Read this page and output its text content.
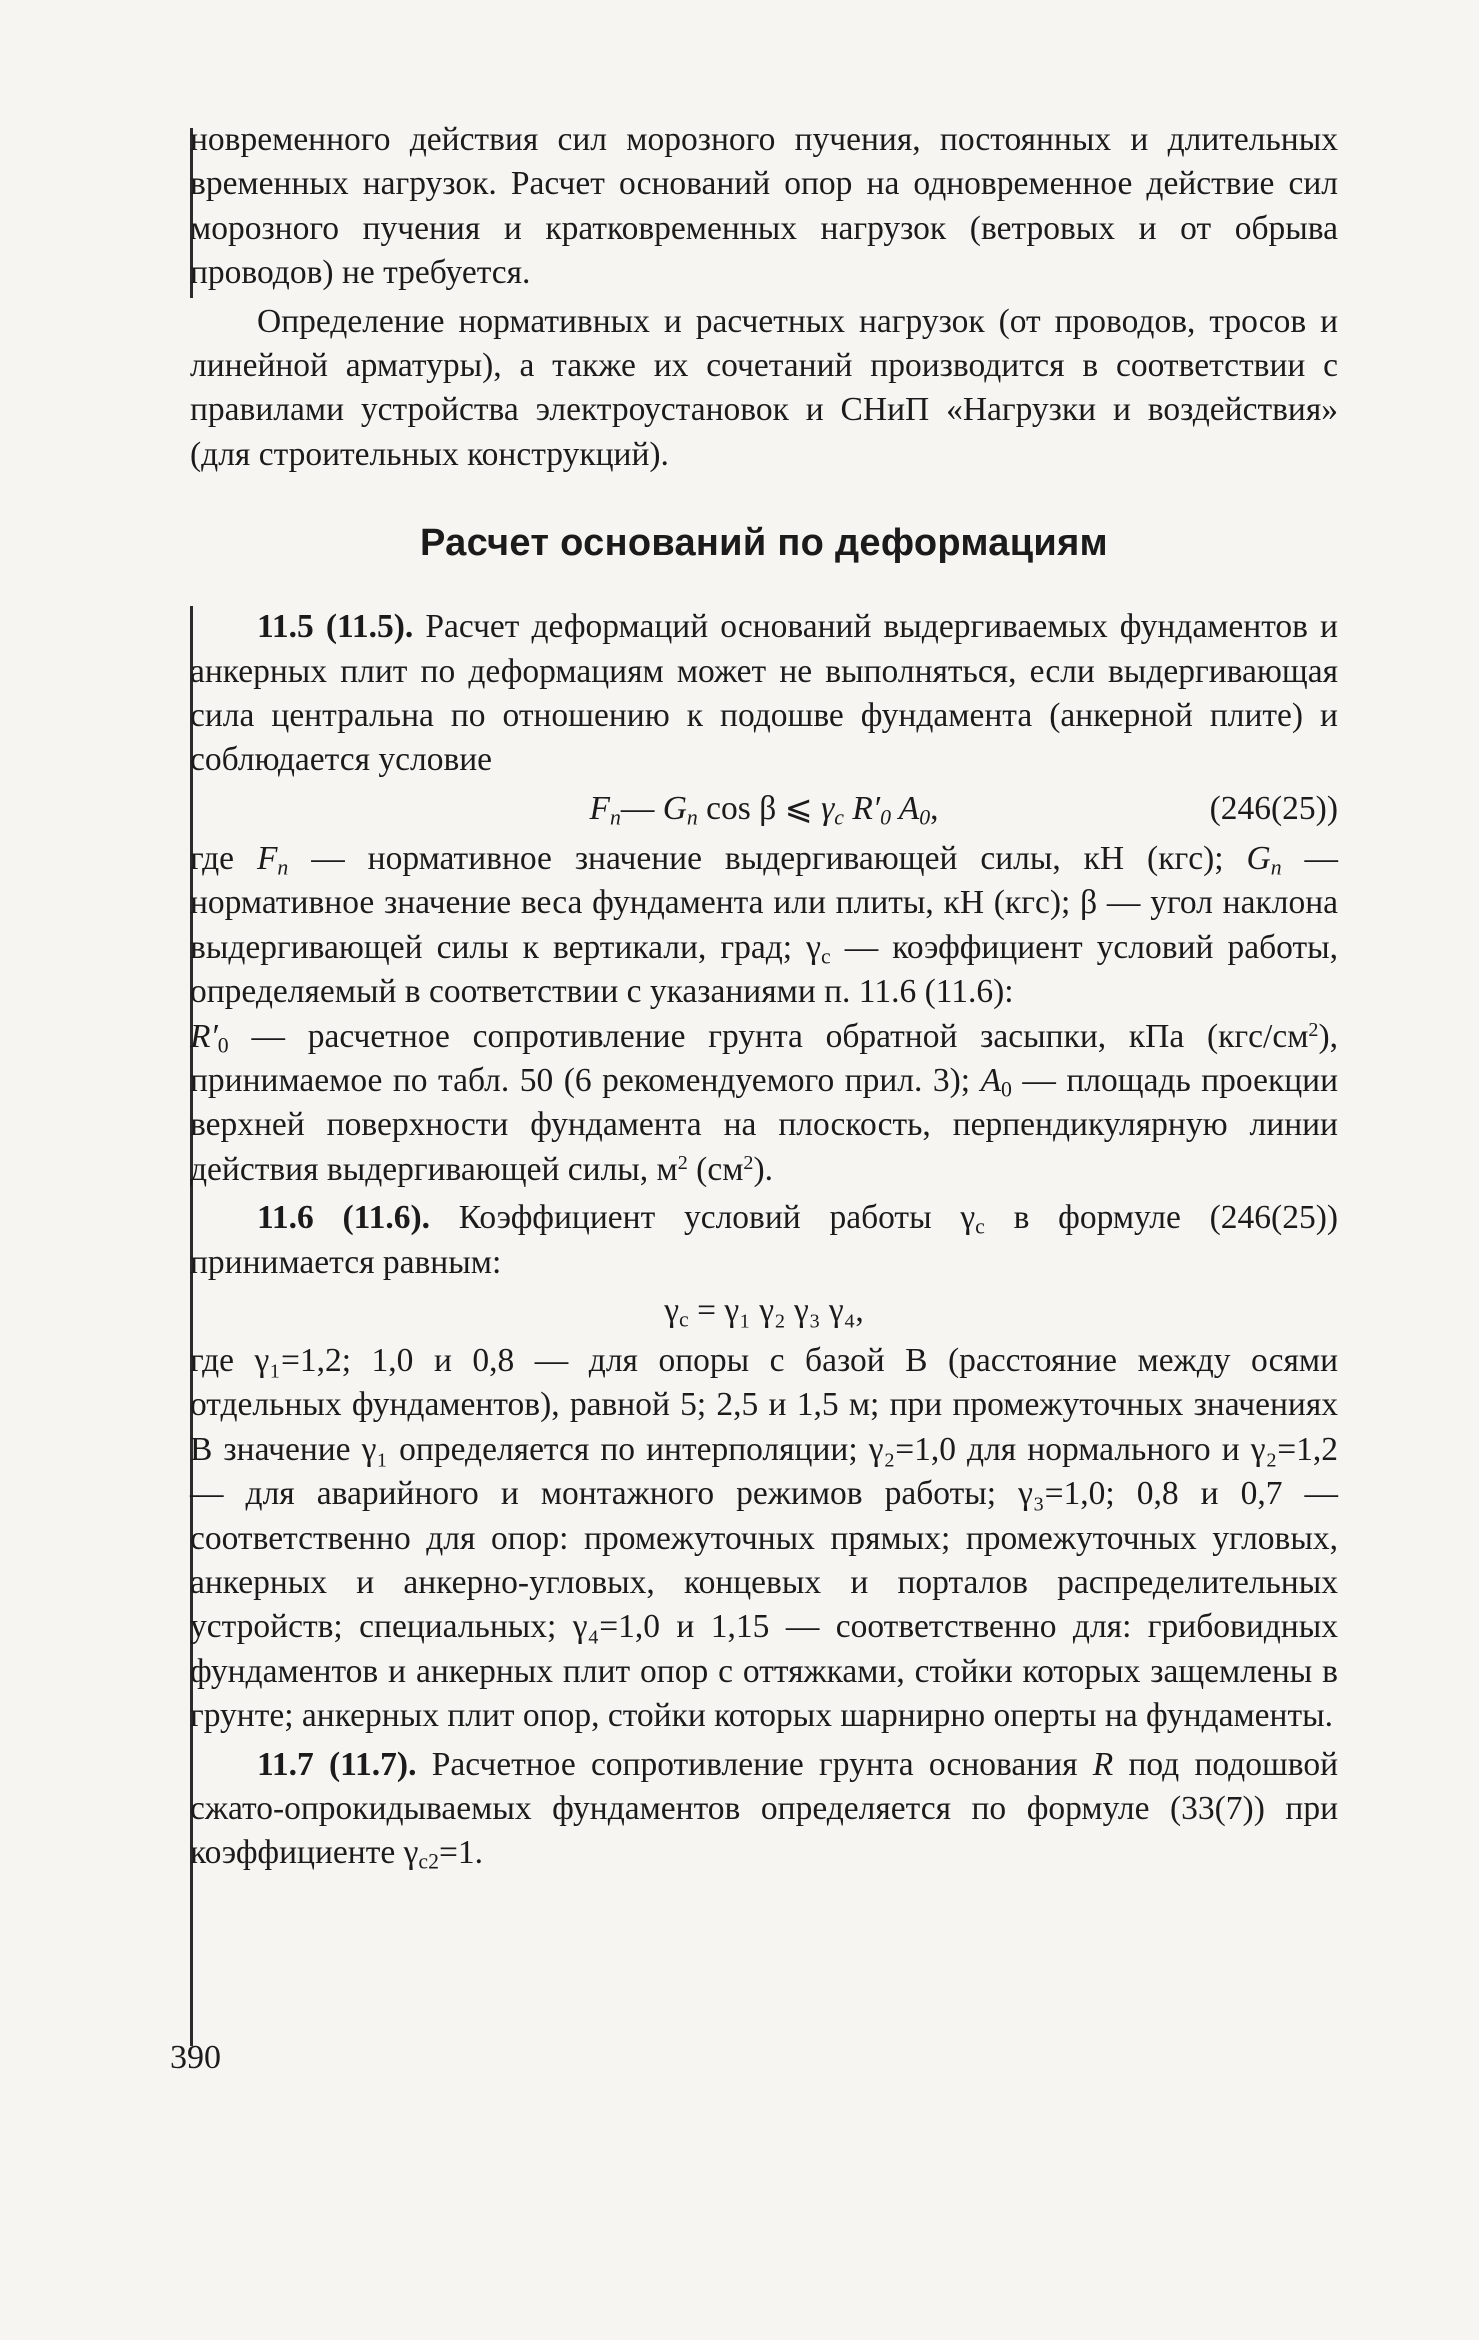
новременного действия сил морозного пучения, постоянных и длительных временных нагрузок. Расчет оснований опор на одновременное действие сил морозного пучения и кратковременных нагрузок (ветровых и от обрыва проводов) не требуется.

Определение нормативных и расчетных нагрузок (от проводов, тросов и линейной арматуры), а также их сочетаний производится в соответствии с правилами устройства электроустановок и СНиП «Нагрузки и воздействия» (для строительных конструкций).

Расчет оснований по деформациям

11.5 (11.5). Расчет деформаций оснований выдергиваемых фундаментов и анкерных плит по деформациям может не выполняться, если выдергивающая сила центральна по отношению к подошве фундамента (анкерной плите) и соблюдается условие

$F_n—$ $G_n$ cos β ⩽ $\gamma_c$ $R'_0$ $A_0$,	(246(25))

где $F_n$ — нормативное значение выдергивающей силы, кН (кгс); $G_n$ — нормативное значение веса фундамента или плиты, кН (кгс); β — угол наклона выдергивающей силы к вертикали, град; $\gamma_c$ — коэффициент условий работы, определяемый в соответствии с указаниями п. 11.6 (11.6):

$R'_0$ — расчетное сопротивление грунта обратной засыпки, кПа $(кгс/см^2)$, принимаемое по табл. 50 (6 рекомендуемого прил. 3); $A_0$ — площадь проекции верхней поверхности фундамента на плоскость, перпендикулярную линии действия выдергивающей силы, $м^2$ $(см^2)$.

11.6 (11.6). Коэффициент условий работы $\gamma_c$ в формуле (246(25)) принимается равным:

$\gamma_c = \gamma_1$ γ₂ γ₃ γ₄,

где γ₁=1,2; 1,0 и 0,8 — для опоры с базой B (расстояние между осями отдельных фундаментов), равной 5; 2,5 и 1,5 м; при промежуточных значениях B значение γ₁ определяется по интерполяции; γ₂=1,0 для нормального и γ₂=1,2 — для аварийного и монтажного режимов работы; γ₃=1,0; 0,8 и 0,7 — соответственно для опор: промежуточных прямых; промежуточных угловых, анкерных и анкерно-угловых, концевых и порталов распределительных устройств; специальных; γ₄=1,0 и 1,15 — соответственно для: грибовидных фундаментов и анкерных плит опор с оттяжками, стойки которых защемлены в грунте; анкерных плит опор, стойки которых шарнирно оперты на фундаменты.

11.7 (11.7). Расчетное сопротивление грунта основания R под подошвой сжато-опрокидываемых фундаментов определяется по формуле (33(7)) при коэффициенте $\gamma_{c2}=1$.

390
